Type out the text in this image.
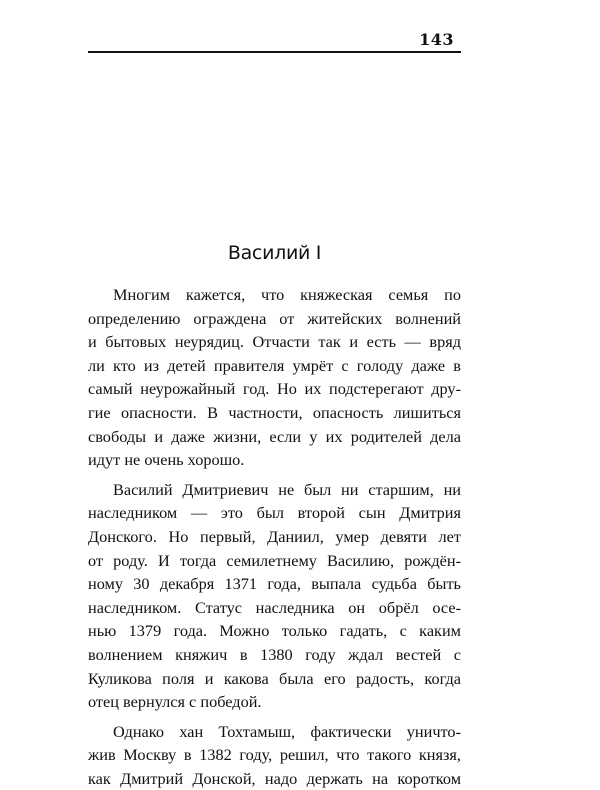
143
Василий I
Многим кажется, что княжеская семья по
определению ограждена от житейских волнений
и бытовых неурядиц. Отчасти так и есть — вряд
ли кто из детей правителя умрёт с голоду даже в
самый неурожайный год. Но их подстерегают дру-
гие опасности. В частности, опасность лишиться
свободы и даже жизни, если у их родителей дела
идут не очень хорошо.
Василий Дмитриевич не был ни старшим, ни
наследником — это был второй сын Дмитрия
Донского. Но первый, Даниил, умер девяти лет
от роду. И тогда семилетнему Василию, рождён-
ному 30 декабря 1371 года, выпала судьба быть
наследником. Статус наследника он обрёл осе-
нью 1379 года. Можно только гадать, с каким
волнением княжич в 1380 году ждал вестей с
Куликова поля и какова была его радость, когда
отец вернулся с победой.
Однако хан Тохтамыш, фактически уничто-
жив Москву в 1382 году, решил, что такого князя,
как Дмитрий Донской, надо держать на коротком
